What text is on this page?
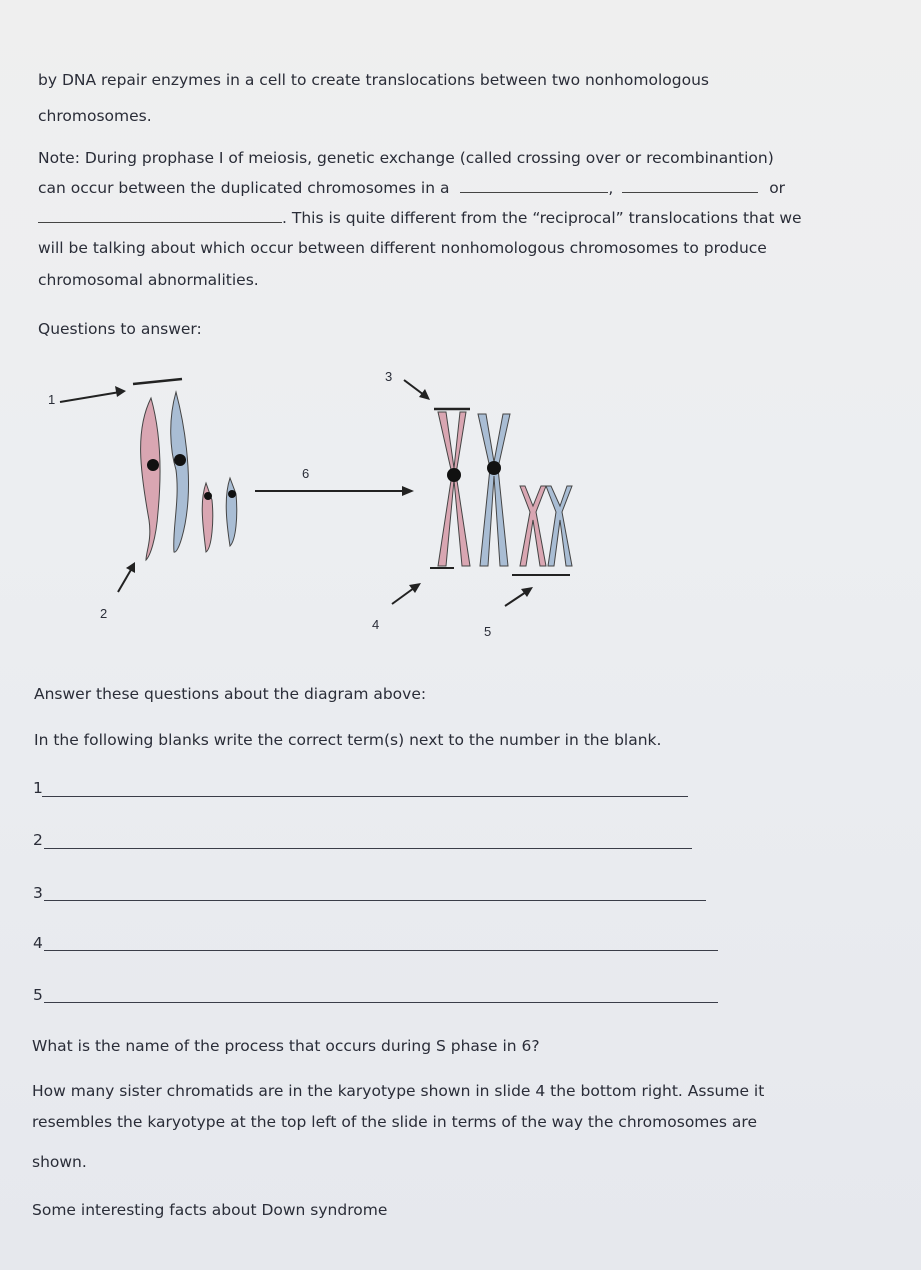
by DNA repair enzymes in a cell to create translocations between two nonhomologous
chromosomes.
Note: During prophase I of meiosis, genetic exchange (called crossing over or recombinantion)
can occur between the duplicated chromosomes in a	,	or
. This is quite different from the “reciprocal” translocations that we
will be talking about which occur between different nonhomologous chromosomes to produce
chromosomal abnormalities.
Questions to answer:
1
2
3
4	5
6
Answer these questions about the diagram above:
In the following blanks write the correct term(s) next to the number in the blank.
1
2
3
4
5
What is the name of the process that occurs during S phase in 6?
How many sister chromatids are in the karyotype shown in slide 4 the bottom right. Assume it
resembles the karyotype at the top left of the slide in terms of the way the chromosomes are
shown.
Some interesting facts about Down syndrome
